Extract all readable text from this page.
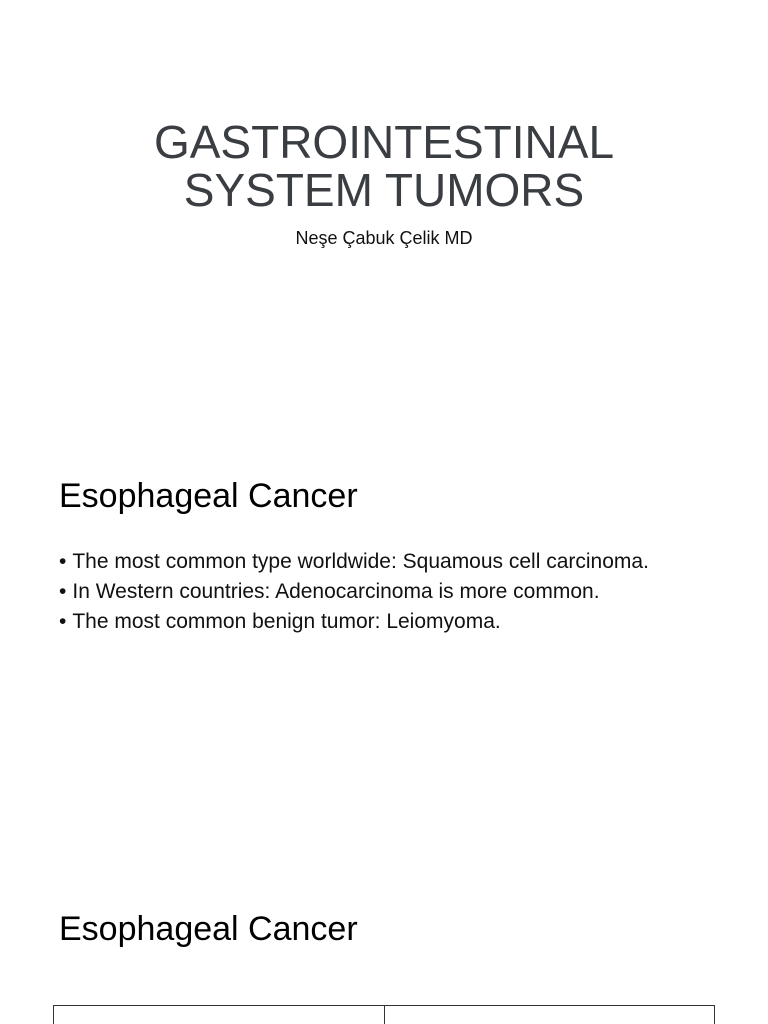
GASTROINTESTINAL
SYSTEM TUMORS
Neşe Çabuk Çelik MD
Esophageal Cancer
• The most common type worldwide: Squamous cell carcinoma.
• In Western countries: Adenocarcinoma is more common.
• The most common benign tumor: Leiomyoma.
Esophageal Cancer
